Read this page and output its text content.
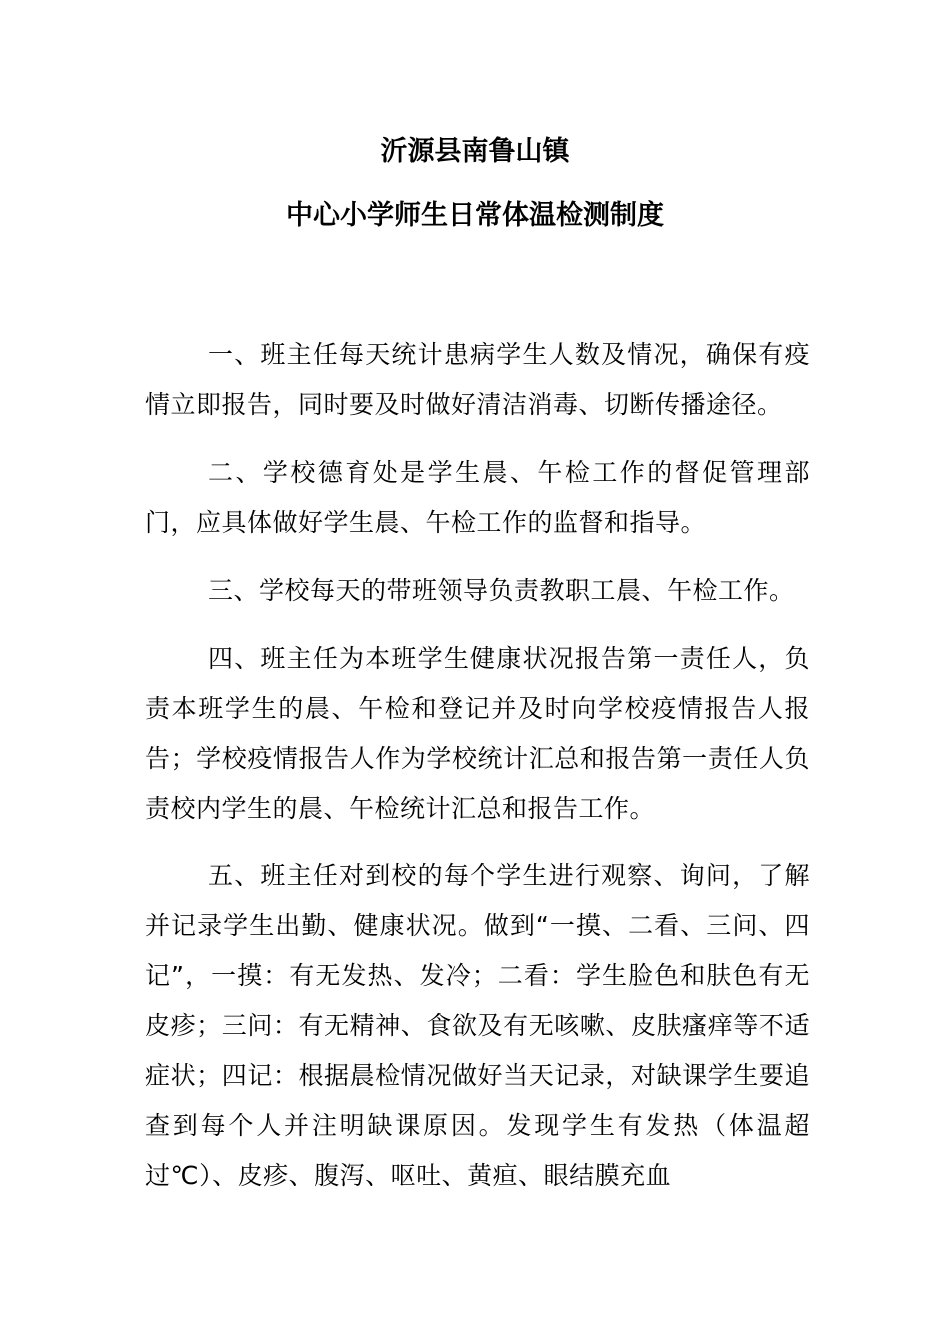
沂源县南鲁山镇
中心小学师生日常体温检测制度

一、班主任每天统计患病学生人数及情况，确保有疫情立即报告，同时要及时做好清洁消毒、切断传播途径。

二、学校德育处是学生晨、午检工作的督促管理部门，应具体做好学生晨、午检工作的监督和指导。

三、学校每天的带班领导负责教职工晨、午检工作。

四、班主任为本班学生健康状况报告第一责任人，负责本班学生的晨、午检和登记并及时向学校疫情报告人报告；学校疫情报告人作为学校统计汇总和报告第一责任人负责校内学生的晨、午检统计汇总和报告工作。

五、班主任对到校的每个学生进行观察、询问，了解并记录学生出勤、健康状况。做到“一摸、二看、三问、四记”，一摸：有无发热、发冷；二看：学生脸色和肤色有无皮疹；三问：有无精神、食欲及有无咳嗽、皮肤瘙痒等不适症状；四记：根据晨检情况做好当天记录，对缺课学生要追查到每个人并注明缺课原因。发现学生有发热（体温超过℃）、皮疹、腹泻、呕吐、黄疸、眼结膜充血
